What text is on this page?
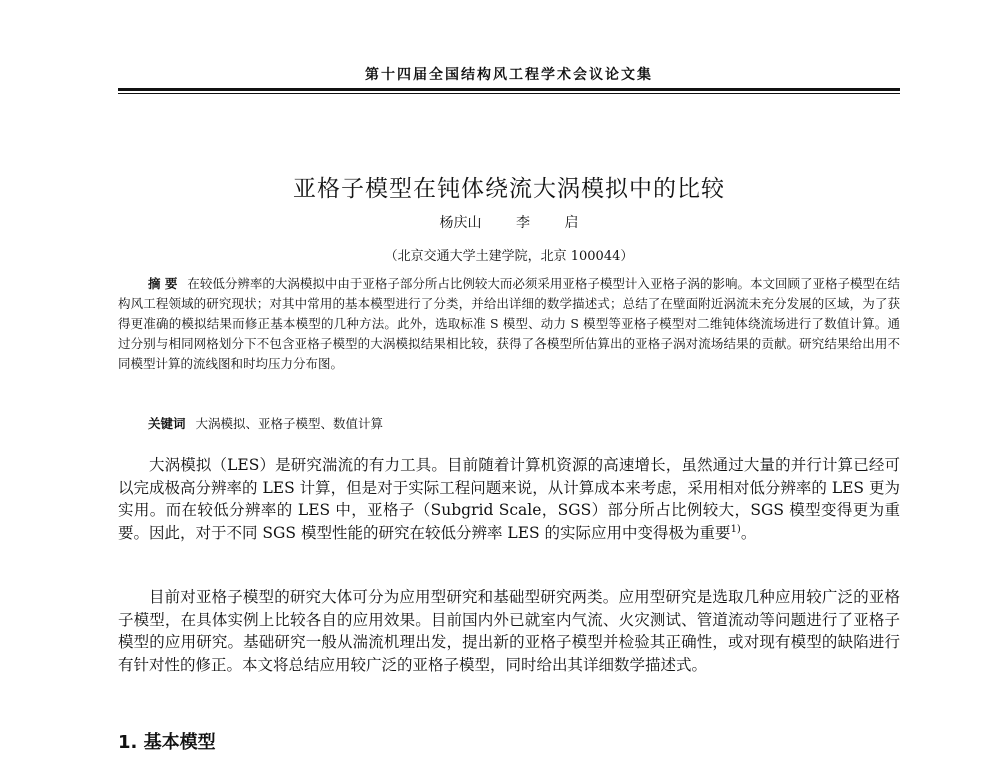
第十四届全国结构风工程学术会议论文集
亚格子模型在钝体绕流大涡模拟中的比较
杨庆山 李 启
（北京交通大学土建学院，北京 100044）
摘 要 在较低分辨率的大涡模拟中由于亚格子部分所占比例较大而必须采用亚格子模型计入亚格子涡的影响。本文回顾了亚格子模型在结构风工程领域的研究现状；对其中常用的基本模型进行了分类，并给出详细的数学描述式；总结了在壁面附近涡流未充分发展的区域，为了获得更准确的模拟结果而修正基本模型的几种方法。此外，选取标准 S 模型、动力 S 模型等亚格子模型对二维钝体绕流场进行了数值计算。通过分别与相同网格划分下不包含亚格子模型的大涡模拟结果相比较，获得了各模型所估算出的亚格子涡对流场结果的贡献。研究结果给出用不同模型计算的流线图和时均压力分布图。
关键词 大涡模拟、亚格子模型、数值计算
大涡模拟（LES）是研究湍流的有力工具。目前随着计算机资源的高速增长，虽然通过大量的并行计算已经可以完成极高分辨率的 LES 计算，但是对于实际工程问题来说，从计算成本来考虑，采用相对低分辨率的 LES 更为实用。而在较低分辨率的 LES 中，亚格子（Subgrid Scale，SGS）部分所占比例较大，SGS 模型变得更为重要。因此，对于不同 SGS 模型性能的研究在较低分辨率 LES 的实际应用中变得极为重要$^{1)}$。
目前对亚格子模型的研究大体可分为应用型研究和基础型研究两类。应用型研究是选取几种应用较广泛的亚格子模型，在具体实例上比较各自的应用效果。目前国内外已就室内气流、火灾测试、管道流动等问题进行了亚格子模型的应用研究。基础研究一般从湍流机理出发，提出新的亚格子模型并检验其正确性，或对现有模型的缺陷进行有针对性的修正。本文将总结应用较广泛的亚格子模型，同时给出其详细数学描述式。
1. 基本模型
